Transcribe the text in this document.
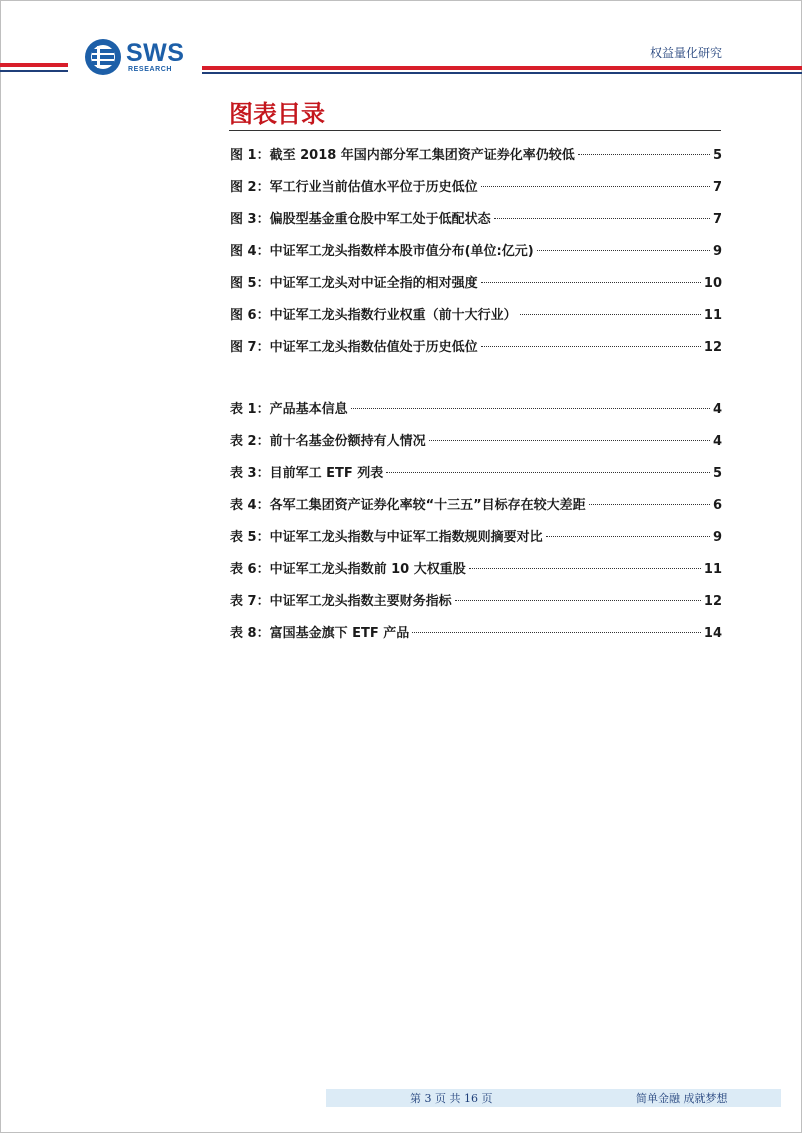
SWS
RESEARCH
权益量化研究
图表目录
图 1：截至 2018 年国内部分军工集团资产证券化率仍较低	5
图 2：军工行业当前估值水平位于历史低位	7
图 3：偏股型基金重仓股中军工处于低配状态	7
图 4：中证军工龙头指数样本股市值分布(单位:亿元)	9
图 5：中证军工龙头对中证全指的相对强度	10
图 6：中证军工龙头指数行业权重（前十大行业）	11
图 7：中证军工龙头指数估值处于历史低位	12
表 1：产品基本信息	4
表 2：前十名基金份额持有人情况	4
表 3：目前军工 ETF 列表	5
表 4：各军工集团资产证券化率较“十三五”目标存在较大差距	6
表 5：中证军工龙头指数与中证军工指数规则摘要对比	9
表 6：中证军工龙头指数前 10 大权重股	11
表 7：中证军工龙头指数主要财务指标	12
表 8：富国基金旗下 ETF 产品	14
第 3 页 共 16 页	简单金融 成就梦想
